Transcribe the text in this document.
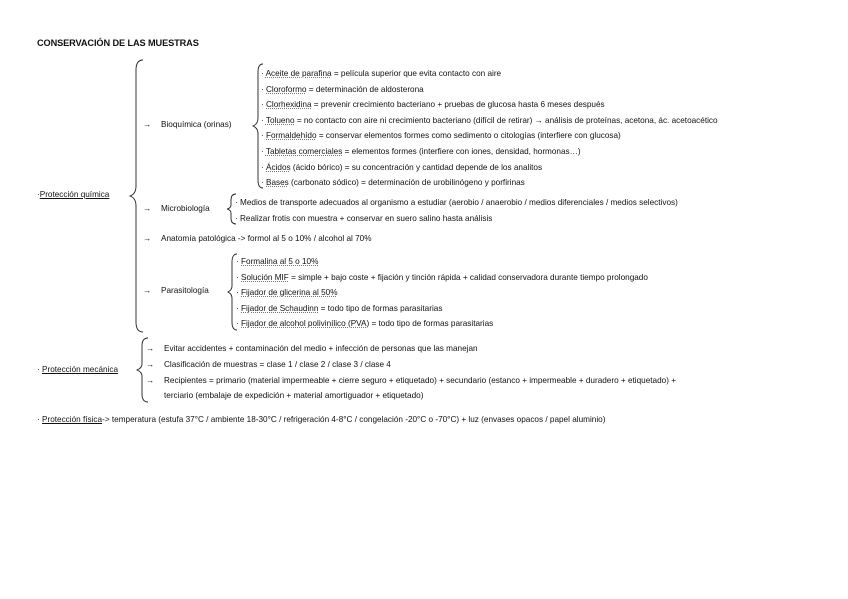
CONSERVACIÓN DE LAS MUESTRAS
·Protección química
→ Bioquímica (orinas)
· Aceite de parafina = película superior que evita contacto con aire
· Cloroformo = determinación de aldosterona
· Clorhexidina = prevenir crecimiento bacteriano + pruebas de glucosa hasta 6 meses después
· Tolueno = no contacto con aire ni crecimiento bacteriano (difícil de retirar) → análisis de proteínas, acetona, ác. acetoacético
· Formaldehído = conservar elementos formes como sedimento o citologías (interfiere con glucosa)
· Tabletas comerciales = elementos formes (interfiere con iones, densidad, hormonas…)
· Ácidos (ácido bórico) = su concentración y cantidad depende de los analitos
· Bases (carbonato sódico) = determinación de urobilinógeno y porfirinas
→ Microbiología
· Medios de transporte adecuados al organismo a estudiar (aerobio / anaerobio / medios diferenciales / medios selectivos)
· Realizar frotis con muestra + conservar en suero salino hasta análisis
→ Anatomía patológica -> formol al 5 o 10% / alcohol al 70%
→ Parasitología
· Formalina al 5 o 10%
· Solución MIF = simple + bajo coste + fijación y tinción rápida + calidad conservadora durante tiempo prolongado
· Fijador de glicerina al 50%
· Fijador de Schaudinn = todo tipo de formas parasitarias
· Fijador de alcohol polivinílico (PVA) = todo tipo de formas parasitarias
· Protección mecánica
→ Evitar accidentes + contaminación del medio + infección de personas que las manejan
→ Clasificación de muestras = clase 1 / clase 2 / clase 3 / clase 4
→ Recipientes = primario (material impermeable + cierre seguro + etiquetado) + secundario (estanco + impermeable + duradero + etiquetado) +
terciario (embalaje de expedición + material amortiguador + etiquetado)
· Protección física-> temperatura (estufa 37°C / ambiente 18-30°C / refrigeración 4-8°C / congelación -20°C o -70°C) + luz (envases opacos / papel aluminio)
